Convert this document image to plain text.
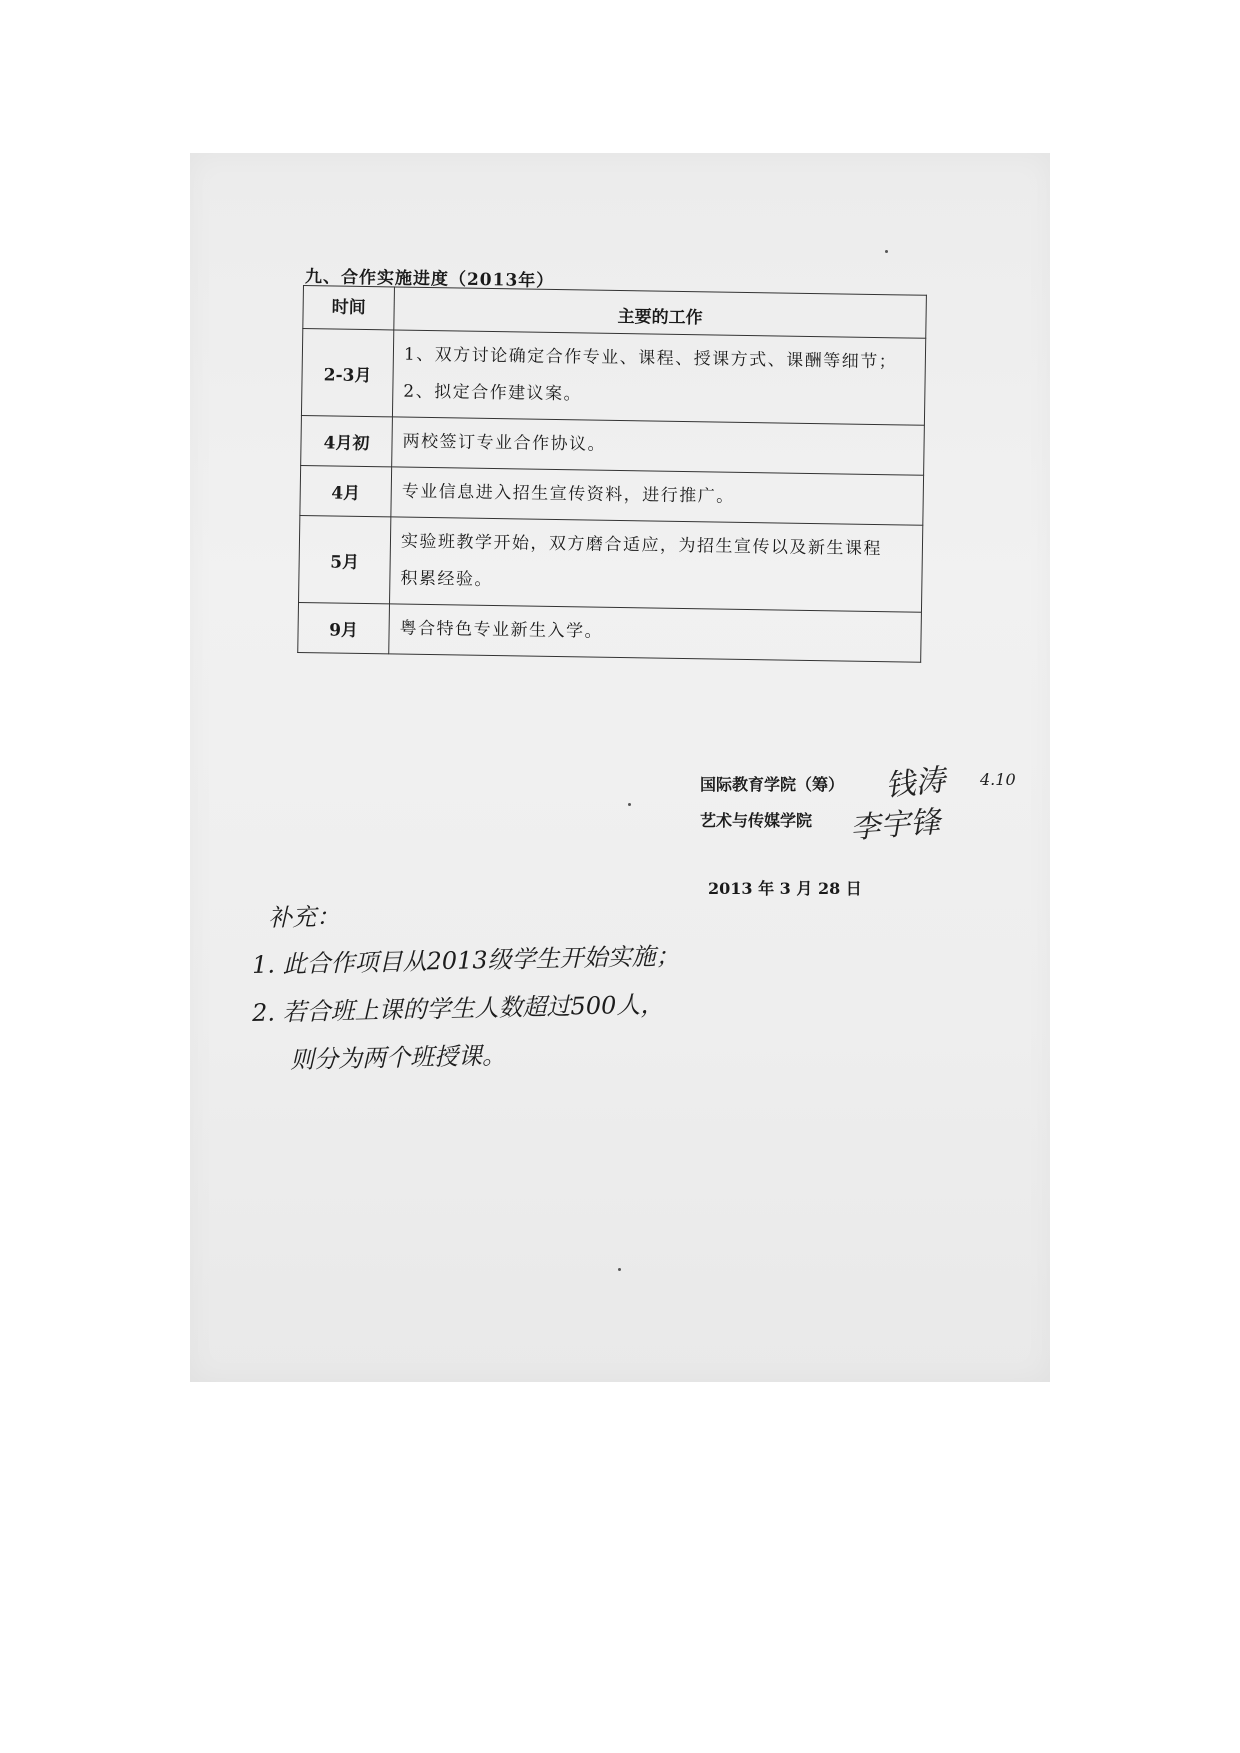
九、合作实施进度（2013年）
时间	主要的工作
2-3月	1、双方讨论确定合作专业、课程、授课方式、课酬等细节；
2、拟定合作建议案。

4月初	两校签订专业合作协议。

4月	专业信息进入招生宣传资料，进行推广。

5月	实验班教学开始，双方磨合适应，为招生宣传以及新生课程
积累经验。

9月	粤合特色专业新生入学。
国际教育学院（筹） 钱涛 4.10
艺术与传媒学院 李宇锋
2013 年 3 月 28 日
补充：
1. 此合作项目从2013级学生开始实施；
2. 若合班上课的学生人数超过500人，
则分为两个班授课。
